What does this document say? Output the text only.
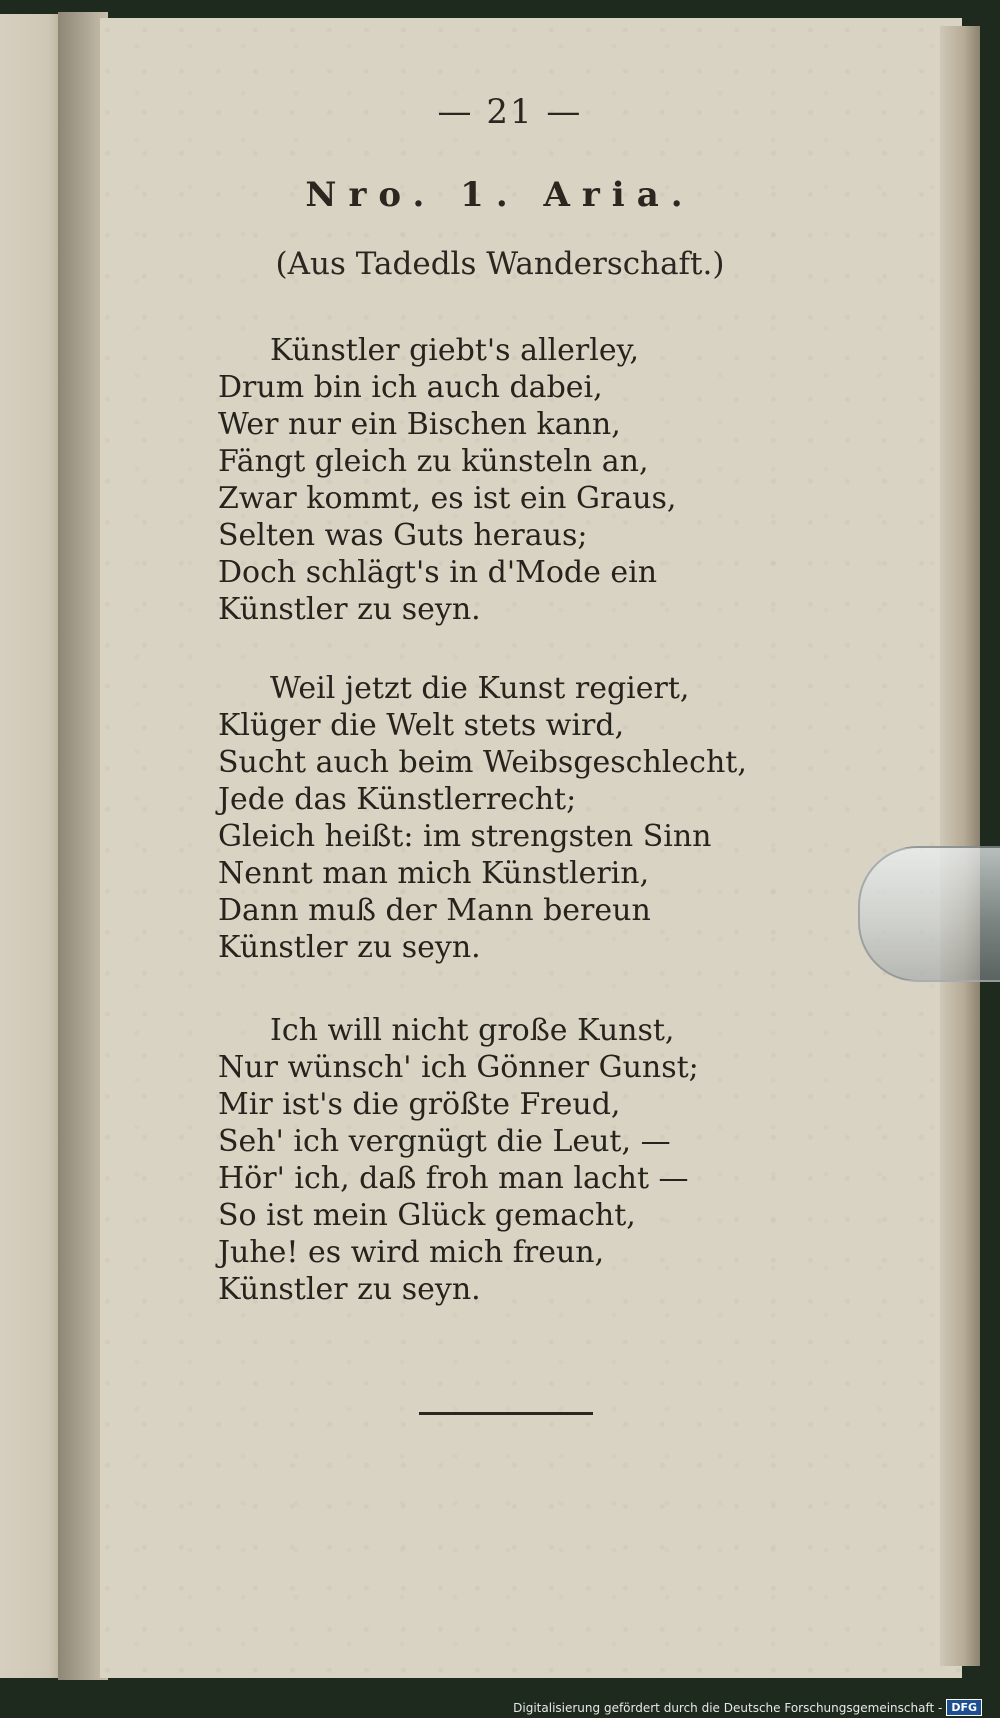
— 21 —
Nro. 1. Aria.
(Aus Tadedls Wanderschaft.)
Künstler giebt's allerley,
Drum bin ich auch dabei,
Wer nur ein Bischen kann,
Fängt gleich zu künsteln an,
Zwar kommt, es ist ein Graus,
Selten was Guts heraus;
Doch schlägt's in d'Mode ein
Künstler zu seyn.
Weil jetzt die Kunst regiert,
Klüger die Welt stets wird,
Sucht auch beim Weibsgeschlecht,
Jede das Künstlerrecht;
Gleich heißt: im strengsten Sinn
Nennt man mich Künstlerin,
Dann muß der Mann bereun
Künstler zu seyn.
Ich will nicht große Kunst,
Nur wünsch' ich Gönner Gunst;
Mir ist's die größte Freud,
Seh' ich vergnügt die Leut, —
Hör' ich, daß froh man lacht —
So ist mein Glück gemacht,
Juhe! es wird mich freun,
Künstler zu seyn.
Digitalisierung gefördert durch die Deutsche Forschungsgemeinschaft - DFG
